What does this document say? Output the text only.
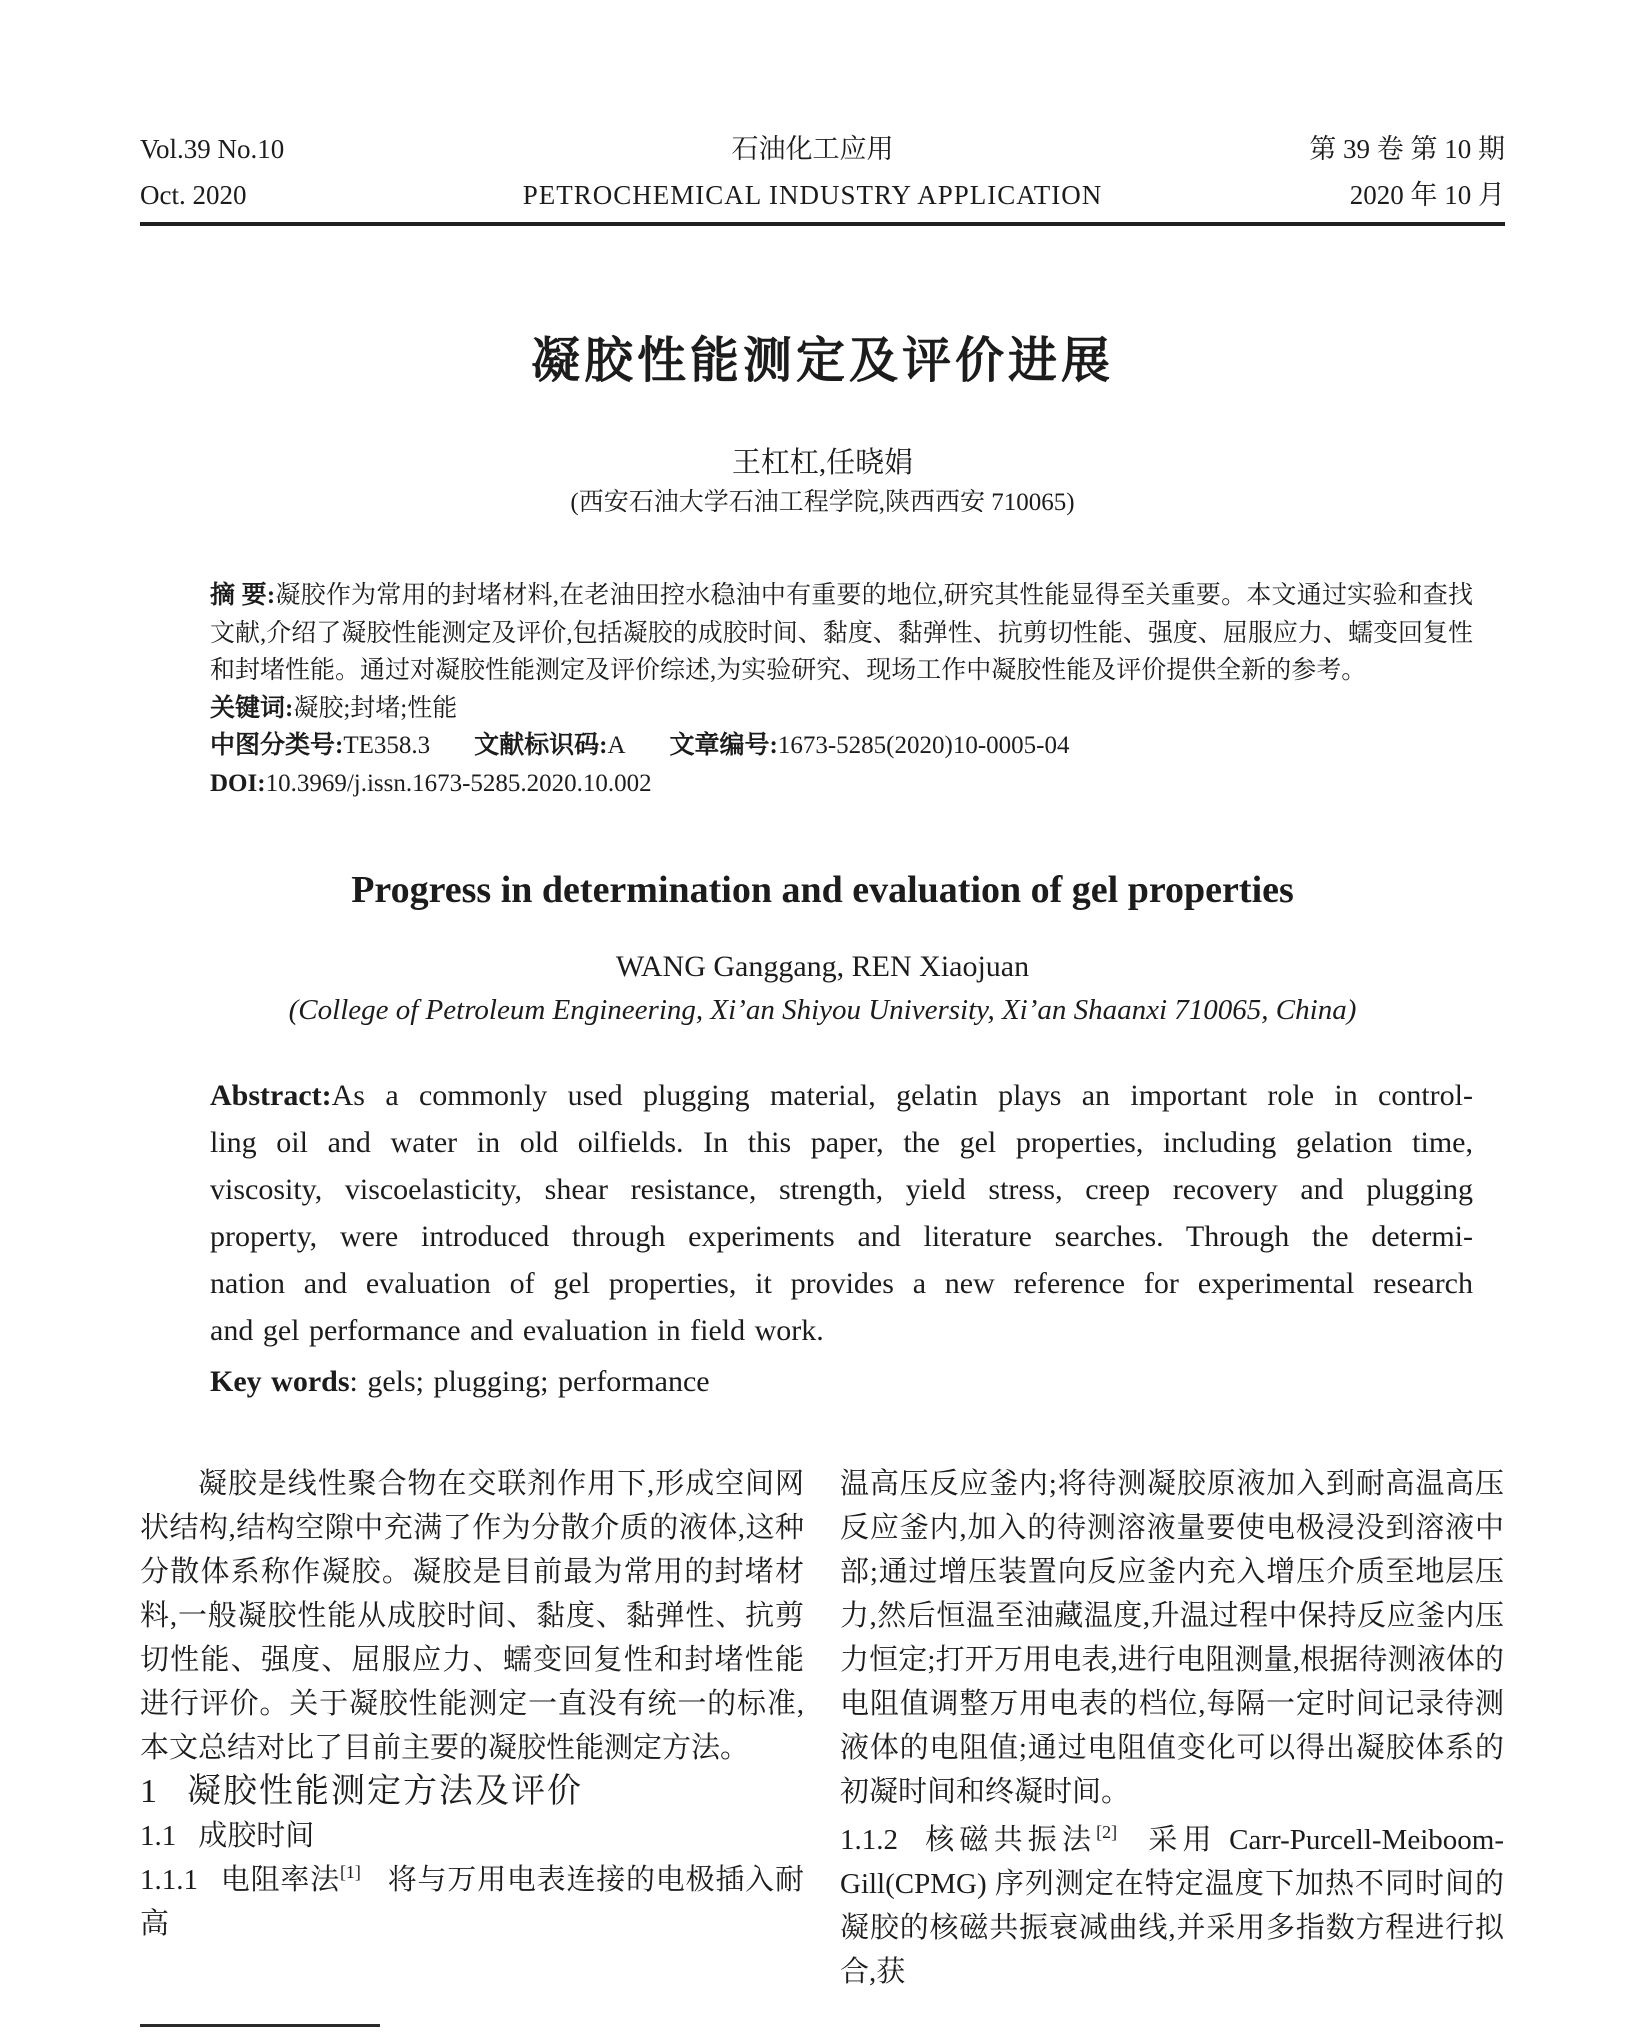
Vol.39 No.10
Oct. 2020
石油化工应用
PETROCHEMICAL INDUSTRY APPLICATION
第 39 卷 第 10 期
2020 年 10 月
凝胶性能测定及评价进展
王杠杠,任晓娟
(西安石油大学石油工程学院,陕西西安 710065)

摘 要:凝胶作为常用的封堵材料,在老油田控水稳油中有重要的地位,研究其性能显得至关重要。本文通过实验和查找文献,介绍了凝胶性能测定及评价,包括凝胶的成胶时间、黏度、黏弹性、抗剪切性能、强度、屈服应力、蠕变回复性和封堵性能。通过对凝胶性能测定及评价综述,为实验研究、现场工作中凝胶性能及评价提供全新的参考。

关键词:凝胶;封堵;性能

中图分类号:TE358.3 文献标识码:A 文章编号:1673-5285(2020)10-0005-04

DOI:10.3969/j.issn.1673-5285.2020.10.002

Progress in determination and evaluation of gel properties
WANG Ganggang, REN Xiaojuan
(College of Petroleum Engineering, Xi’an Shiyou University, Xi’an Shaanxi 710065, China)
Abstract:As a commonly used plugging material, gelatin plays an important role in control-
ling oil and water in old oilfields. In this paper, the gel properties, including gelation time,
viscosity, viscoelasticity, shear resistance, strength, yield stress, creep recovery and plugging
property, were introduced through experiments and literature searches. Through the determi-
nation and evaluation of gel properties, it provides a new reference for experimental research
and gel performance and evaluation in field work.
Key words: gels; plugging; performance

凝胶是线性聚合物在交联剂作用下,形成空间网状结构,结构空隙中充满了作为分散介质的液体,这种分散体系称作凝胶。凝胶是目前最为常用的封堵材料,一般凝胶性能从成胶时间、黏度、黏弹性、抗剪切性能、强度、屈服应力、蠕变回复性和封堵性能进行评价。关于凝胶性能测定一直没有统一的标准,本文总结对比了目前主要的凝胶性能测定方法。

1 凝胶性能测定方法及评价

1.1 成胶时间

1.1.1 电阻率法[1] 将与万用电表连接的电极插入耐高

温高压反应釜内;将待测凝胶原液加入到耐高温高压反应釜内,加入的待测溶液量要使电极浸没到溶液中部;通过增压装置向反应釜内充入增压介质至地层压力,然后恒温至油藏温度,升温过程中保持反应釜内压力恒定;打开万用电表,进行电阻测量,根据待测液体的电阻值调整万用电表的档位,每隔一定时间记录待测液体的电阻值;通过电阻值变化可以得出凝胶体系的初凝时间和终凝时间。

1.1.2 核磁共振法[2] 采用 Carr-Purcell-Meiboom-Gill(CPMG) 序列测定在特定温度下加热不同时间的凝胶的核磁共振衰减曲线,并采用多指数方程进行拟合,获
